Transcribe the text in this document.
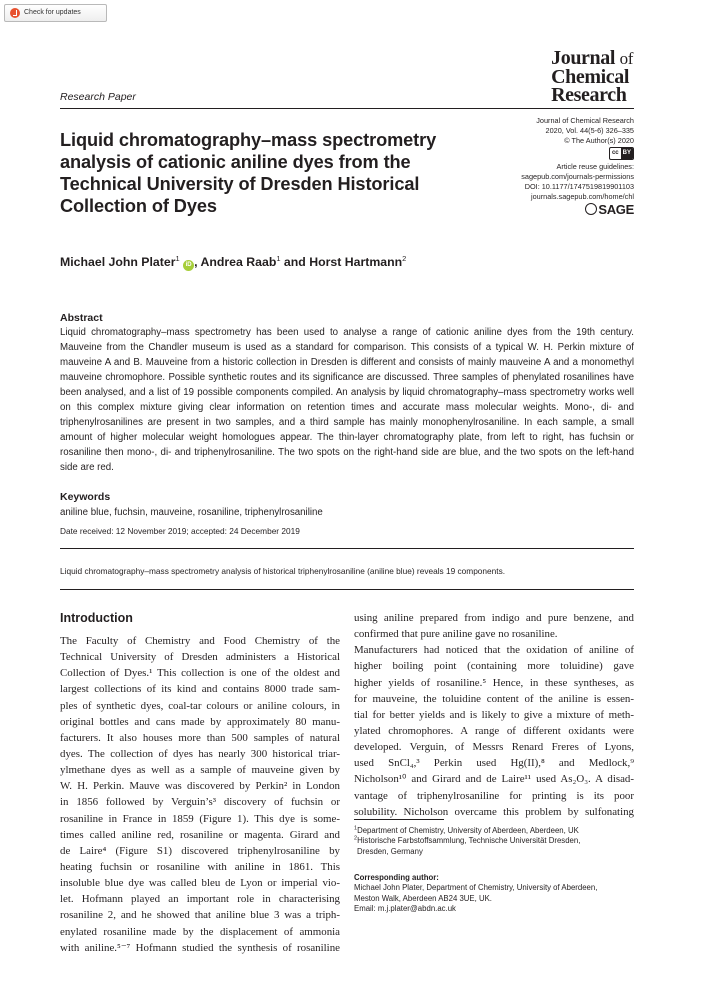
Check for updates
Journal of
Chemical
Research
Research Paper
Liquid chromatography–mass spectrometry
analysis of cationic aniline dyes from the
Technical University of Dresden Historical
Collection of Dyes
Journal of Chemical Research
2020, Vol. 44(5-6) 326–335
© The Author(s) 2020
cc BY
Article reuse guidelines:
sagepub.com/journals-permissions
DOI: 10.1177/1747519819901103
journals.sagepub.com/home/chl
SAGE
Michael John Plater$^1$ iD , Andrea Raab$^1$ and Horst Hartmann$^2$

Abstract

Liquid chromatography–mass spectrometry has been used to analyse a range of cationic aniline dyes from the 19th century. Mauveine from the Chandler museum is used as a standard for comparison. This consists of a typical W. H. Perkin mixture of mauveine A and B. Mauveine from a historic collection in Dresden is different and consists of mainly mauveine A and a monomethyl mauveine chromophore. Possible synthetic routes and its significance are discussed. Three samples of phenylated rosanilines have been analysed, and a list of 19 possible components compiled. An analysis by liquid chromatography–mass spectrometry works well on this complex mixture giving clear information on retention times and accurate mass molecular weights. Mono-, di- and triphenylrosanilines are present in two samples, and a third sample has mainly monophenylrosaniline. In each sample, a small amount of higher molecular weight homologues appear. The thin-layer chromatography plate, from left to right, has fuchsin or rosaniline then mono-, di- and triphenylrosaniline. The two spots on the right-hand side are blue, and the two spots on the left-hand side are red.

Keywords

aniline blue, fuchsin, mauveine, rosaniline, triphenylrosaniline
Date received: 12 November 2019; accepted: 24 December 2019
Liquid chromatography–mass spectrometry analysis of historical triphenylrosaniline (aniline blue) reveals 19 components.
Introduction
The Faculty of Chemistry and Food Chemistry of the
Technical University of Dresden administers a Historical
Collection of Dyes.¹ This collection is one of the oldest and
largest collections of its kind and contains 8000 trade sam-
ples of synthetic dyes, coal-tar colours or aniline colours, in
original bottles and cans made by approximately 80 manu-
facturers. It also houses more than 500 samples of natural
dyes. The collection of dyes has nearly 300 historical triar-
ylmethane dyes as well as a sample of mauveine given by
W. H. Perkin. Mauve was discovered by Perkin² in London
in 1856 followed by Verguin’s³ discovery of fuchsin or
rosaniline in France in 1859 (Figure 1). This dye is some-
times called aniline red, rosaniline or magenta. Girard and
de Laire⁴ (Figure S1) discovered triphenylrosaniline by
heating fuchsin or rosaniline with aniline in 1861. This
insoluble blue dye was called bleu de Lyon or imperial vio-
let. Hofmann played an important role in characterising
rosaniline 2, and he showed that aniline blue 3 was a triph-
enylated rosaniline made by the displacement of ammonia
with aniline.⁵⁻⁷ Hofmann studied the synthesis of rosaniline
using aniline prepared from indigo and pure benzene, and
confirmed that pure aniline gave no rosaniline.
Manufacturers had noticed that the oxidation of aniline of
higher boiling point (containing more toluidine) gave
higher yields of rosaniline.⁵ Hence, in these syntheses, as
for mauveine, the toluidine content of the aniline is essen-
tial for better yields and is likely to give a mixture of meth-
ylated chromophores. A range of different oxidants were
developed. Verguin, of Messrs Renard Freres of Lyons,
used SnCl₄,³ Perkin used Hg(II),⁸ and Medlock,⁹
Nicholson¹⁰ and Girard and de Laire¹¹ used As₂O₃. A disad-
vantage of triphenylrosaniline for printing is its poor
solubility. Nicholson overcame this problem by sulfonating
$^1$Department of Chemistry, University of Aberdeen, Aberdeen, UK
$^2$Historische Farbstoffsammlung, Technische Universität Dresden,
Dresden, Germany
Corresponding author:
Michael John Plater, Department of Chemistry, University of Aberdeen,
Meston Walk, Aberdeen AB24 3UE, UK.
Email: m.j.plater@abdn.ac.uk
